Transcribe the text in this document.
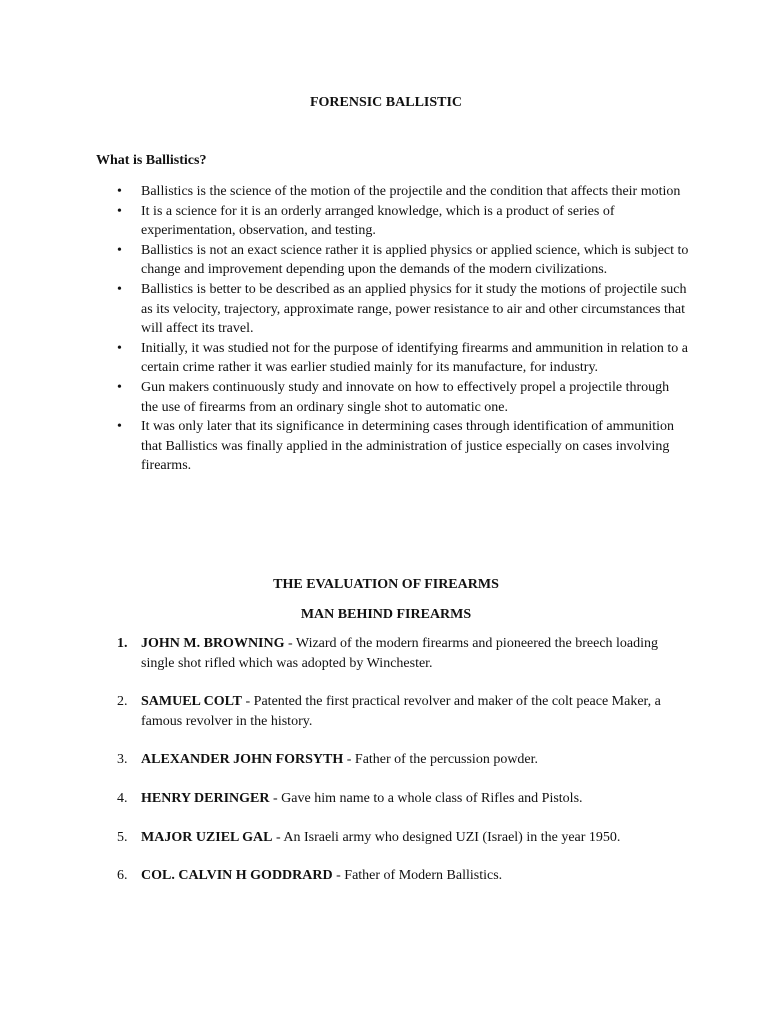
FORENSIC BALLISTIC
What is Ballistics?
• Ballistics is the science of the motion of the projectile and the condition that affects their motion
• It is a science for it is an orderly arranged knowledge, which is a product of series of experimentation, observation, and testing.
• Ballistics is not an exact science rather it is applied physics or applied science, which is subject to change and improvement depending upon the demands of the modern civilizations.
• Ballistics is better to be described as an applied physics for it study the motions of projectile such as its velocity, trajectory, approximate range, power resistance to air and other circumstances that will affect its travel.
• Initially, it was studied not for the purpose of identifying firearms and ammunition in relation to a certain crime rather it was earlier studied mainly for its manufacture, for industry.
• Gun makers continuously study and innovate on how to effectively propel a projectile through the use of firearms from an ordinary single shot to automatic one.
• It was only later that its significance in determining cases through identification of ammunition that Ballistics was finally applied in the administration of justice especially on cases involving firearms.
THE EVALUATION OF FIREARMS
MAN BEHIND FIREARMS
1. JOHN M. BROWNING - Wizard of the modern firearms and pioneered the breech loading single shot rifled which was adopted by Winchester.
2. SAMUEL COLT - Patented the first practical revolver and maker of the colt peace Maker, a famous revolver in the history.
3. ALEXANDER JOHN FORSYTH - Father of the percussion powder.
4. HENRY DERINGER - Gave him name to a whole class of Rifles and Pistols.
5. MAJOR UZIEL GAL - An Israeli army who designed UZI (Israel) in the year 1950.
6. COL. CALVIN H GODDRARD - Father of Modern Ballistics.
